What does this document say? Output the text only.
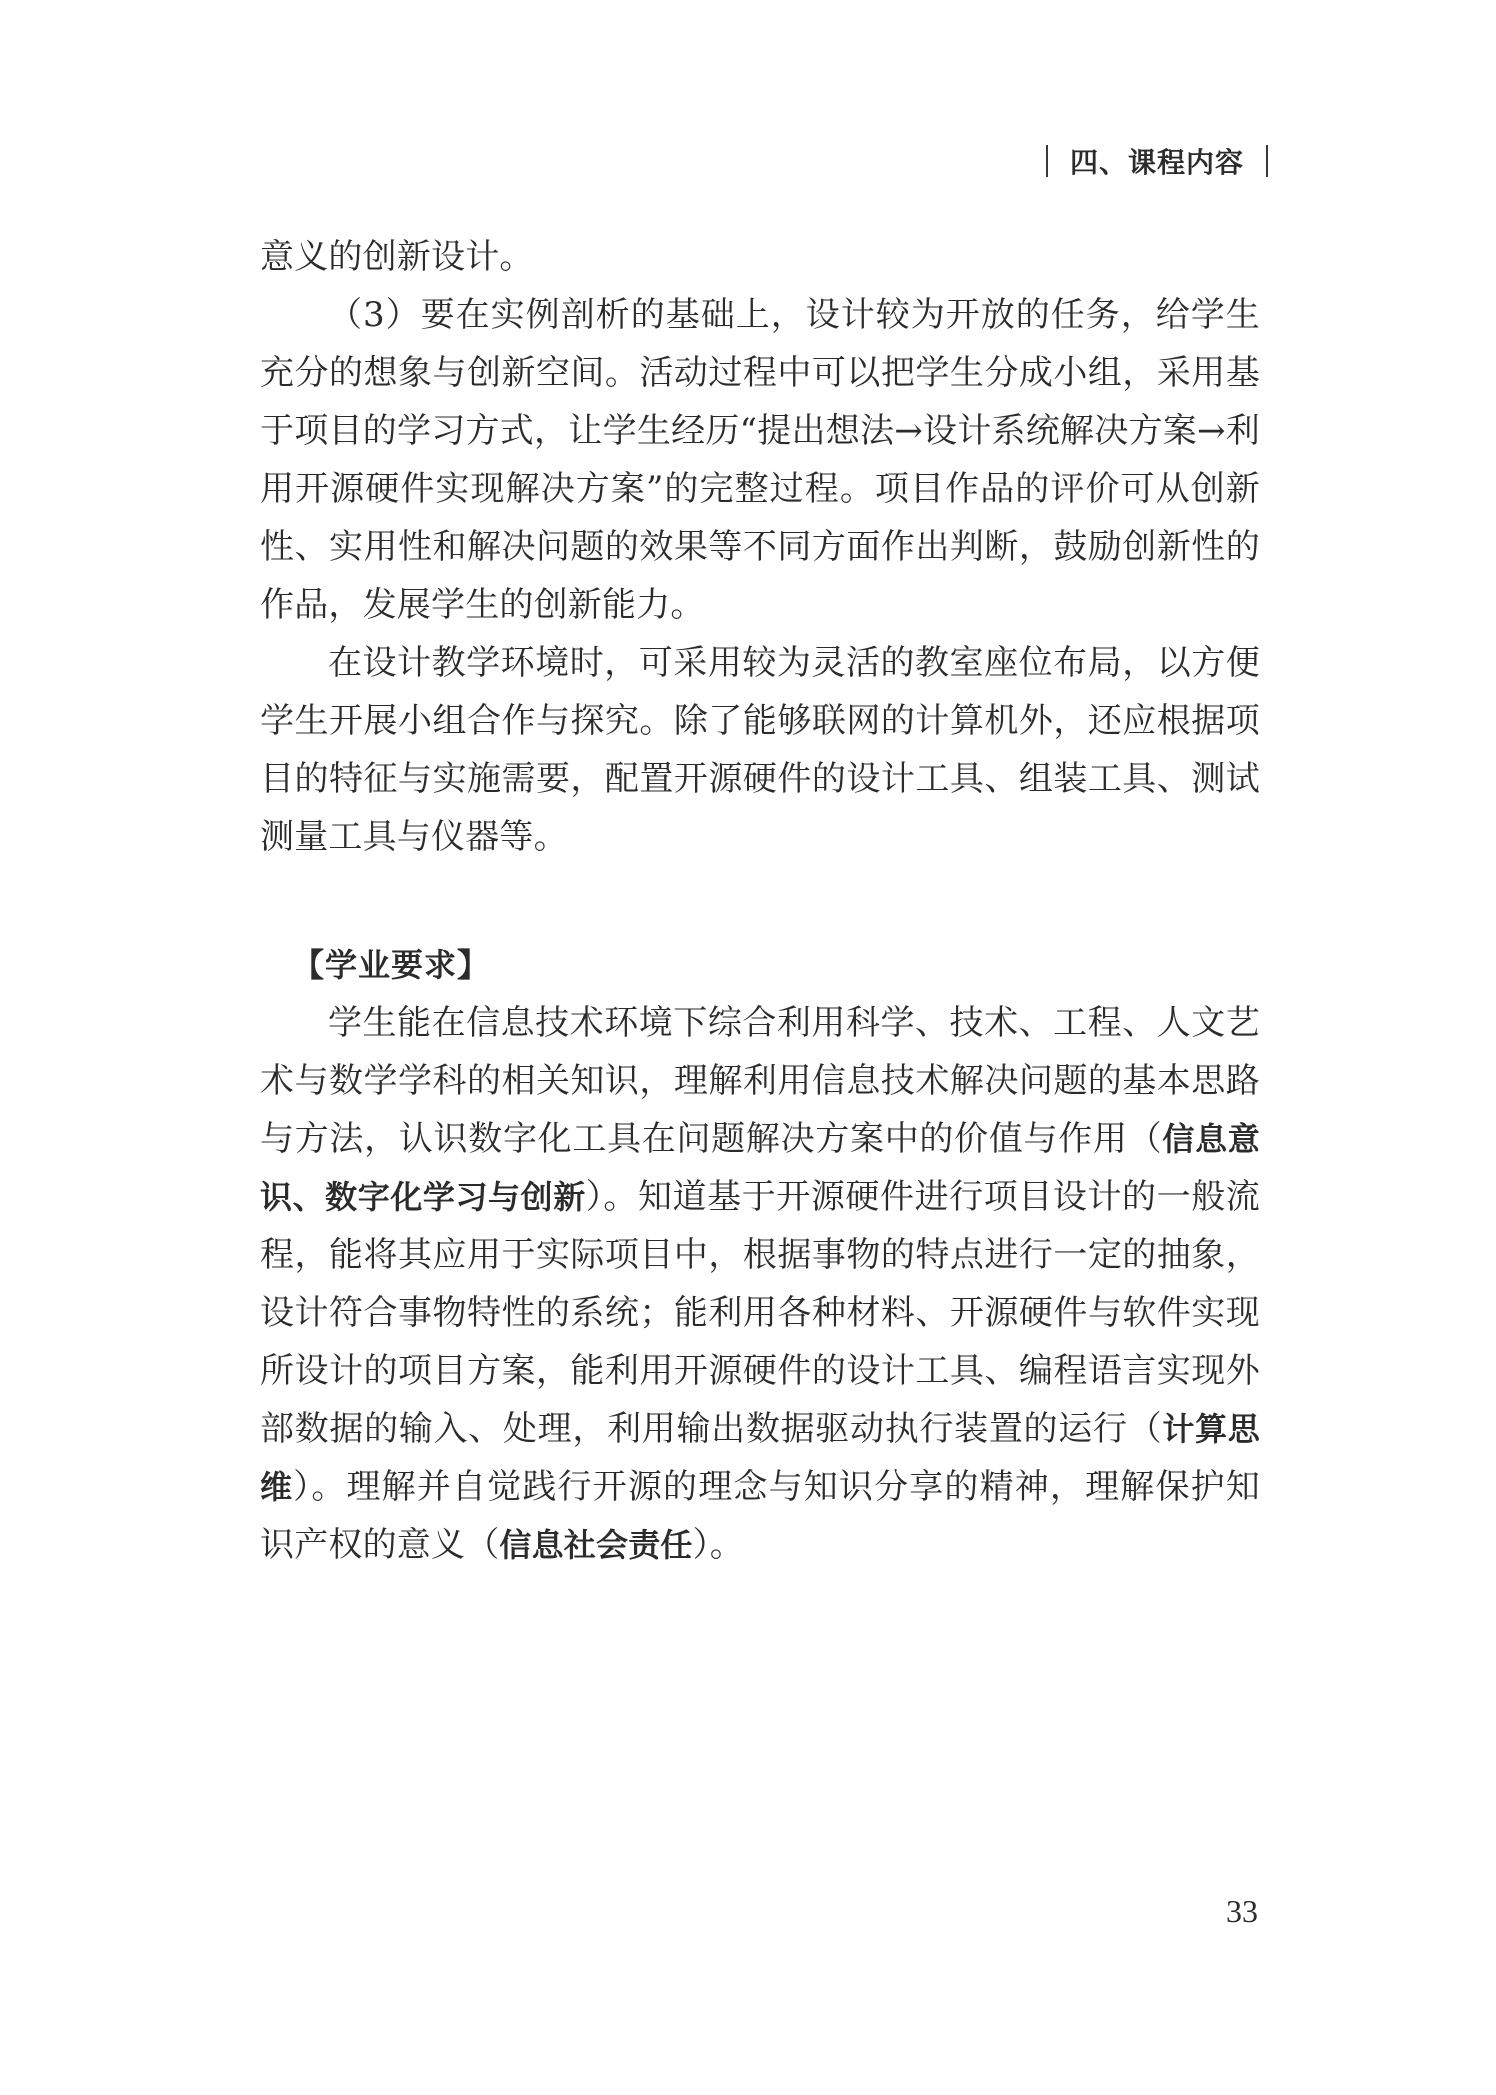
四、课程内容

意义的创新设计。

（3）要在实例剖析的基础上，设计较为开放的任务，给学生充分的想象与创新空间。活动过程中可以把学生分成小组，采用基于项目的学习方式，让学生经历“提出想法→设计系统解决方案→利用开源硬件实现解决方案”的完整过程。项目作品的评价可从创新性、实用性和解决问题的效果等不同方面作出判断，鼓励创新性的作品，发展学生的创新能力。

在设计教学环境时，可采用较为灵活的教室座位布局，以方便学生开展小组合作与探究。除了能够联网的计算机外，还应根据项目的特征与实施需要，配置开源硬件的设计工具、组装工具、测试测量工具与仪器等。

【学业要求】

学生能在信息技术环境下综合利用科学、技术、工程、人文艺术与数学学科的相关知识，理解利用信息技术解决问题的基本思路与方法，认识数字化工具在问题解决方案中的价值与作用（信息意识、数字化学习与创新）。知道基于开源硬件进行项目设计的一般流程，能将其应用于实际项目中，根据事物的特点进行一定的抽象，设计符合事物特性的系统；能利用各种材料、开源硬件与软件实现所设计的项目方案，能利用开源硬件的设计工具、编程语言实现外部数据的输入、处理，利用输出数据驱动执行装置的运行（计算思维）。理解并自觉践行开源的理念与知识分享的精神，理解保护知识产权的意义（信息社会责任）。

33
